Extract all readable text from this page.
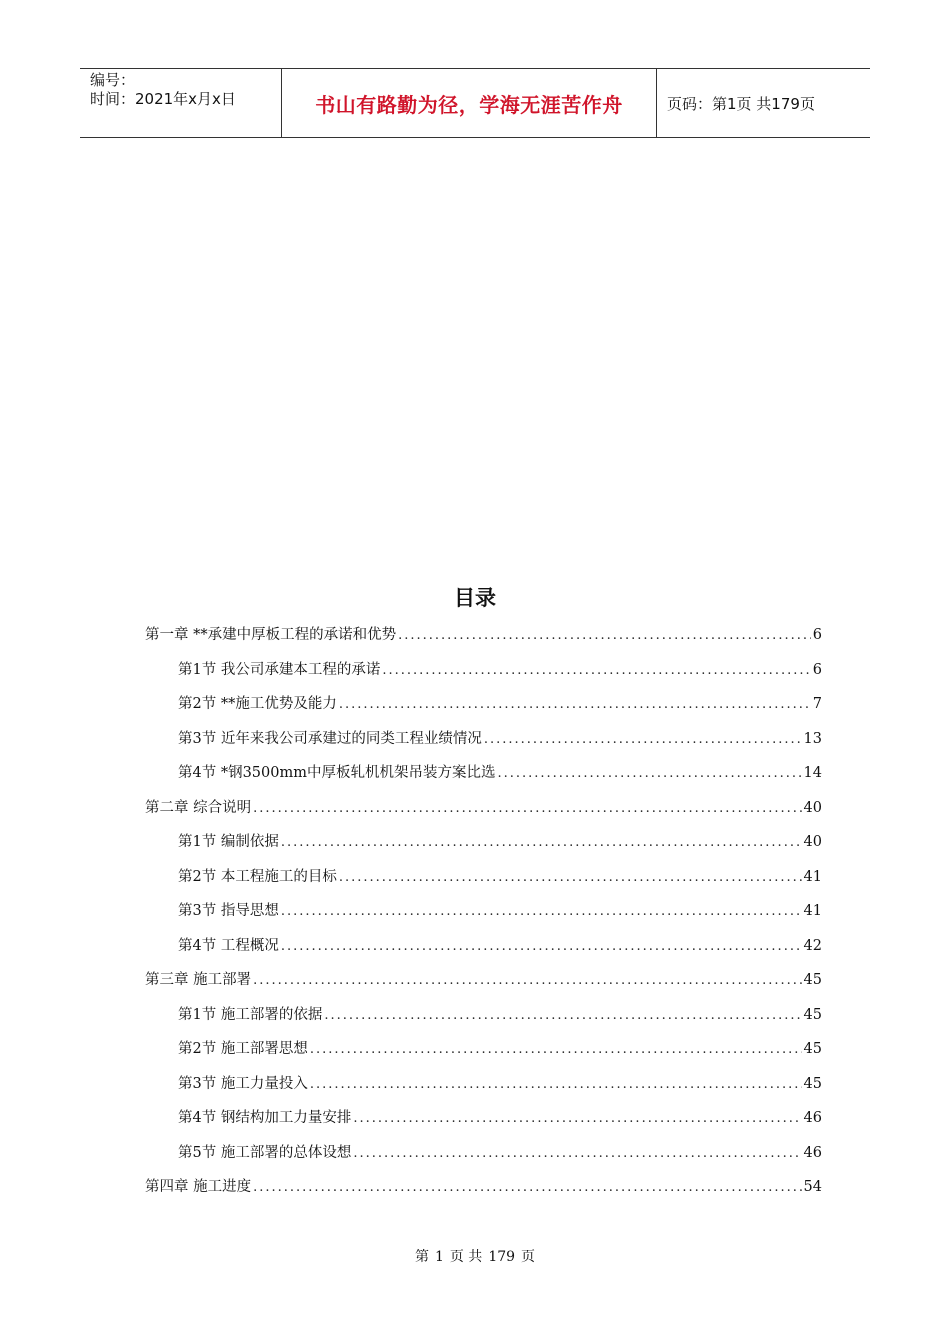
编号：
时间：2021年x月x日	书山有路勤为径，学海无涯苦作舟	页码：第1页 共179页
目录
第一章 **承建中厚板工程的承诺和优势 .....	6
第1节 我公司承建本工程的承诺 .....	6
第2节 **施工优势及能力 .....	7
第3节 近年来我公司承建过的同类工程业绩情况 .....	13
第4节 *钢3500mm中厚板轧机机架吊装方案比选 .....	14
第二章 综合说明 .....	40
第1节 编制依据 .....	40
第2节 本工程施工的目标 .....	41
第3节 指导思想 .....	41
第4节 工程概况 .....	42
第三章 施工部署 .....	45
第1节 施工部署的依据 .....	45
第2节 施工部署思想 .....	45
第3节 施工力量投入 .....	45
第4节 钢结构加工力量安排 .....	46
第5节 施工部署的总体设想 .....	46
第四章 施工进度 .....	54
第 1 页 共 179 页
